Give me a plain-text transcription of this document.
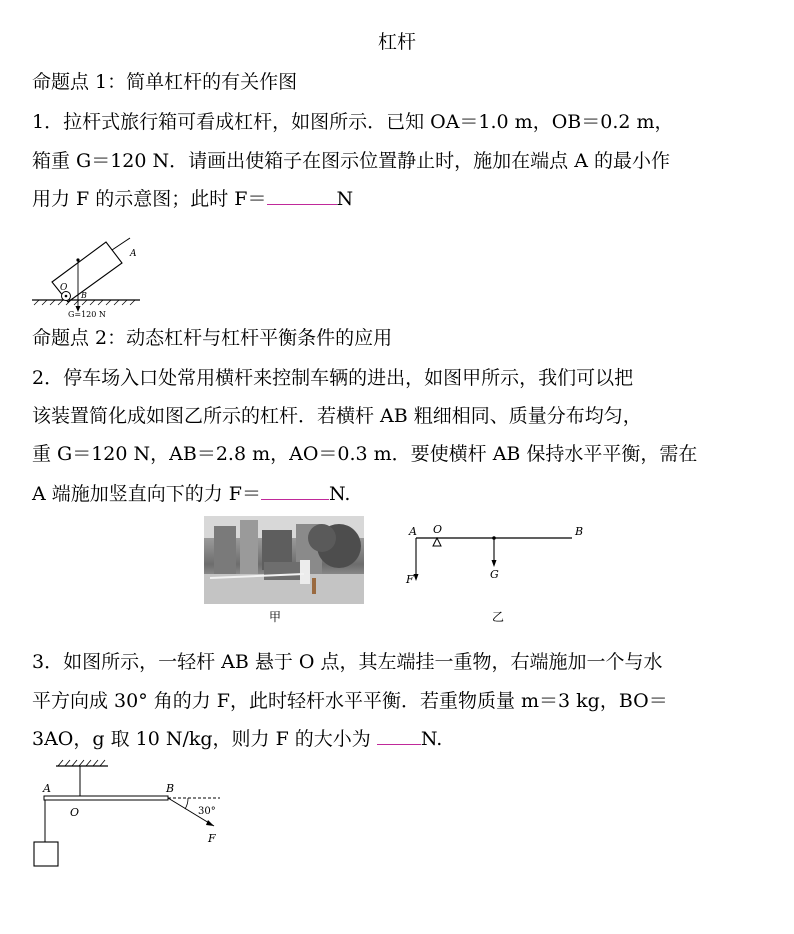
杠杆
命题点 1：简单杠杆的有关作图
1．拉杆式旅行箱可看成杠杆，如图所示．已知 OA＝1.0 m，OB＝0.2 m，
箱重 G＝120 N．请画出使箱子在图示位置静止时，施加在端点 A 的最小作
用力 F 的示意图；此时 F＝	N
A
O
B
G=120 N
命题点 2：动态杠杆与杠杆平衡条件的应用
2．停车场入口处常用横杆来控制车辆的进出，如图甲所示，我们可以把
该装置简化成如图乙所示的杠杆．若横杆 AB 粗细相同、质量分布均匀，
重 G＝120 N，AB＝2.8 m，AO＝0.3 m．要使横杆 AB 保持水平平衡，需在
A 端施加竖直向下的力 F＝	N.
甲
A O	B
F	G
乙
3．如图所示，一轻杆 AB 悬于 O 点，其左端挂一重物，右端施加一个与水
平方向成 30° 角的力 F，此时轻杆水平平衡．若重物质量 m＝3 kg，BO＝
3AO，g 取 10 N/kg，则力 F 的大小为 N.
A
O
B
F
30°
